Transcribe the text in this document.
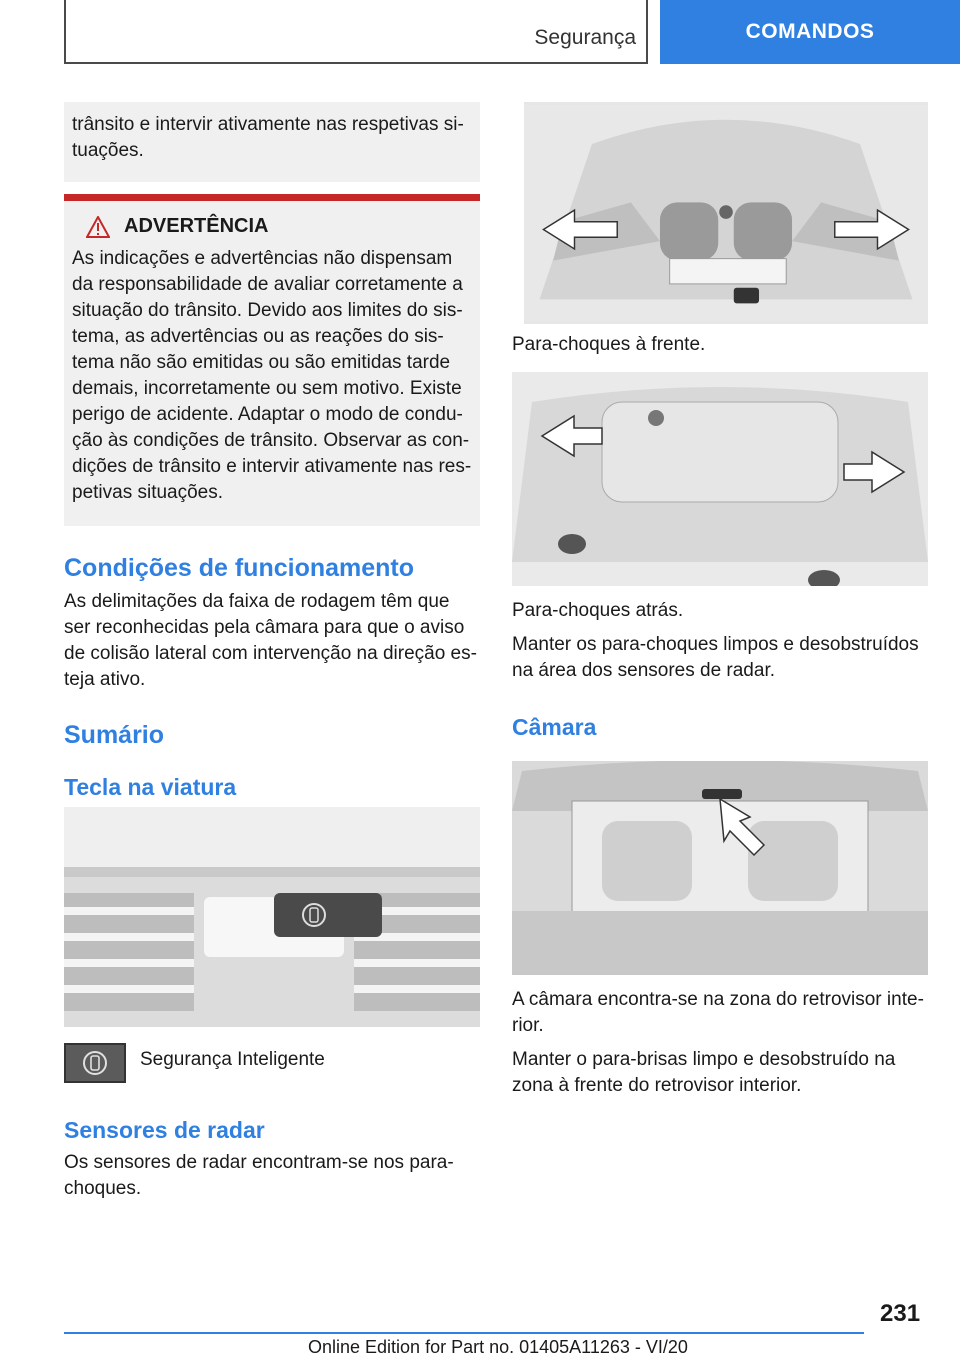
Segurança	COMANDOS
trânsito e intervir ativamente nas respetivas situações.
ADVERTÊNCIA
As indicações e advertências não dispensam da responsabilidade de avaliar corretamente a situação do trânsito. Devido aos limites do sistema, as advertências ou as reações do sistema não são emitidas ou são emitidas tarde demais, incorretamente ou sem motivo. Existe perigo de acidente. Adaptar o modo de condução às condições de trânsito. Observar as condições de trânsito e intervir ativamente nas respetivas situações.
Condições de funcionamento

As delimitações da faixa de rodagem têm que ser reconhecidas pela câmara para que o aviso de colisão lateral com intervenção na direção esteja ativo.

Sumário
Tecla na viatura
Segurança Inteligente
Sensores de radar

Os sensores de radar encontram-se nos para-choques.

Para-choques à frente.
Para-choques atrás.

Manter os para-choques limpos e desobstruídos na área dos sensores de radar.

Câmara
A câmara encontra-se na zona do retrovisor interior.

Manter o para-brisas limpo e desobstruído na zona à frente do retrovisor interior.

231
Online Edition for Part no. 01405A11263 - VI/20
